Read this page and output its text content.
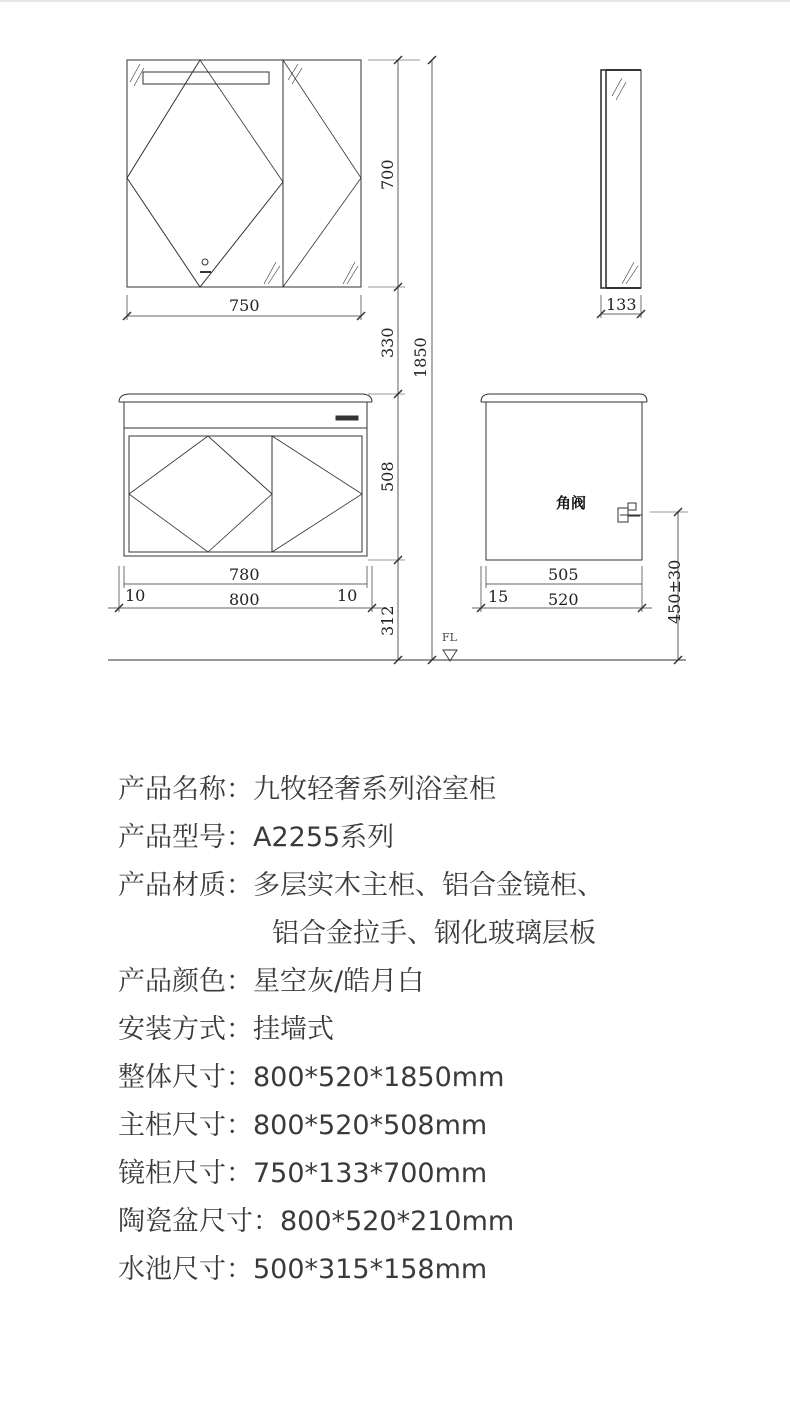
750
700
133
330 1850
508
312
780
800
10	10
505
520
15	450±30
角阀
FL
产品名称： 九牧轻奢系列浴室柜
产品型号： A2255系列
产品材质： 多层实木主柜、铝合金镜柜、
铝合金拉手、钢化玻璃层板
产品颜色： 星空灰/皓月白
安装方式： 挂墙式
整体尺寸： 800*520*1850mm
主柜尺寸： 800*520*508mm
镜柜尺寸： 750*133*700mm
陶瓷盆尺寸： 800*520*210mm
水池尺寸： 500*315*158mm
